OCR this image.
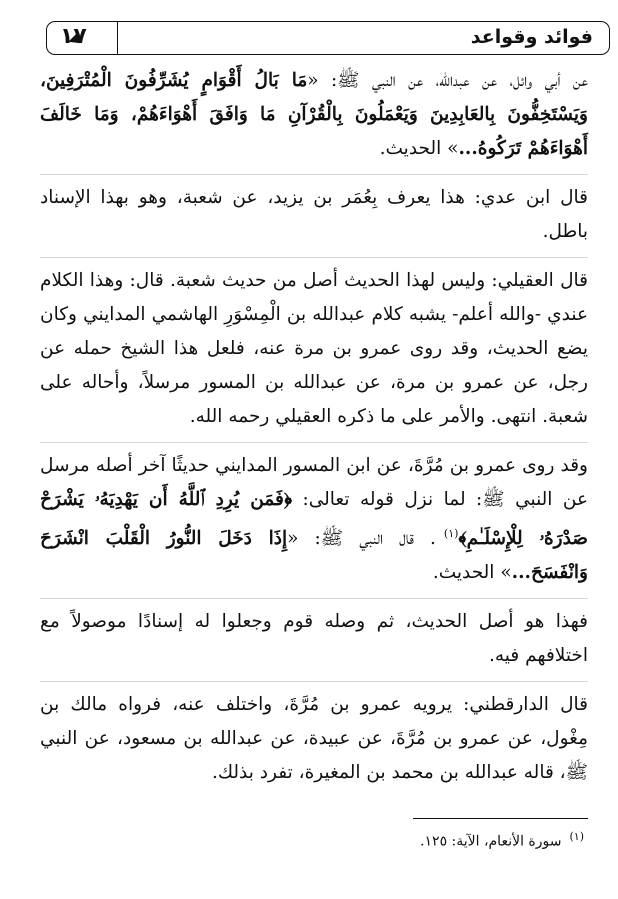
فوائد وقواعد
١٧

عن أبي وائل، عن عبدالله، عن النبي ﷺ: «مَا بَالُ أَقْوَامٍ يُشَرِّفُونَ الْمُتْرَفِينَ، وَيَسْتَخِفُّونَ بِالعَابِدِينَ وَيَعْمَلُونَ بِالْقُرْآنِ مَا وَافَقَ أَهْوَاءَهُمْ، وَمَا خَالَفَ أَهْوَاءَهُمْ تَرَكُوهُ...» الحديث.

قال ابن عدي: هذا يعرف بِعُمَر بن يزيد، عن شعبة، وهو بهذا الإسناد باطل.

قال العقيلي: وليس لهذا الحديث أصل من حديث شعبة. قال: وهذا الكلام عندي -والله أعلم- يشبه كلام عبدالله بن الْمِسْوَرِ الهاشمي المدايني وكان يضع الحديث، وقد روى عمرو بن مرة عنه، فلعل هذا الشيخ حمله عن رجل، عن عمرو بن مرة، عن عبدالله بن المسور مرسلاً، وأحاله على شعبة. انتهى. والأمر على ما ذكره العقيلي رحمه الله.

وقد روى عمرو بن مُرَّةَ، عن ابن المسور المدايني حديثًا آخر أصله مرسل عن النبي ﷺ: لما نزل قوله تعالى: ﴿فَمَن يُرِدِ ٱللَّهُ أَن يَهْدِيَهُۥ يَشْرَحْ صَدْرَهُۥ لِلْإِسْلَـٰمِ﴾$^{(١)}$. قال النبي ﷺ: «إِذَا دَخَلَ النُّورُ الْقَلْبَ انْشَرَحَ وَانْفَسَحَ...» الحديث.

فهذا هو أصل الحديث، ثم وصله قوم وجعلوا له إسنادًا موصولاً مع اختلافهم فيه.

قال الدارقطني: يرويه عمرو بن مُرَّةَ، واختلف عنه، فرواه مالك بن مِغْول، عن عمرو بن مُرَّةَ، عن عبيدة، عن عبدالله بن مسعود، عن النبي ﷺ، قاله عبدالله بن محمد بن المغيرة، تفرد بذلك.

$^{(١)}$سورة الأنعام، الآية: ١٢٥.
